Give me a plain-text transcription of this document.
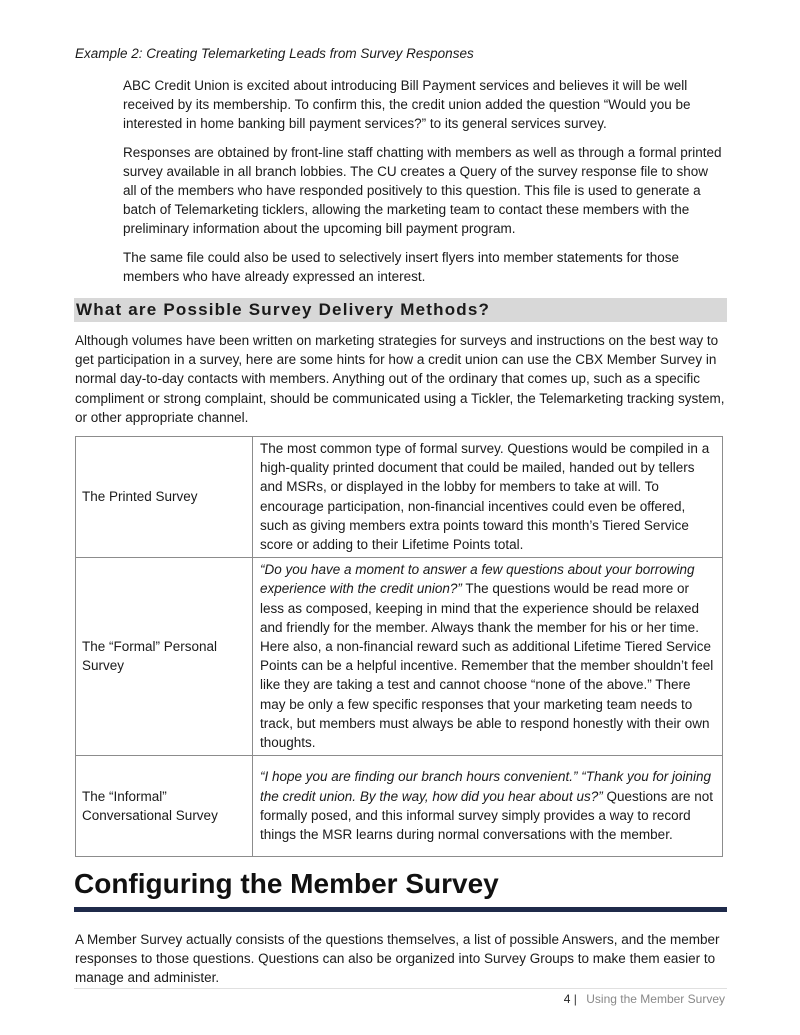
Example 2: Creating Telemarketing Leads from Survey Responses

ABC Credit Union is excited about introducing Bill Payment services and believes it will be well received by its membership. To confirm this, the credit union added the question “Would you be interested in home banking bill payment services?” to its general services survey.

Responses are obtained by front-line staff chatting with members as well as through a formal printed survey available in all branch lobbies. The CU creates a Query of the survey response file to show all of the members who have responded positively to this question. This file is used to generate a batch of Telemarketing ticklers, allowing the marketing team to contact these members with the preliminary information about the upcoming bill payment program.

The same file could also be used to selectively insert flyers into member statements for those members who have already expressed an interest.

What are Possible Survey Delivery Methods?

Although volumes have been written on marketing strategies for surveys and instructions on the best way to get participation in a survey, here are some hints for how a credit union can use the CBX Member Survey in normal day-to-day contacts with members. Anything out of the ordinary that comes up, such as a specific compliment or strong complaint, should be communicated using a Tickler, the Telemarketing tracking system, or other appropriate channel.

The Printed Survey	The most common type of formal survey. Questions would be compiled in a high-quality printed document that could be mailed, handed out by tellers and MSRs, or displayed in the lobby for members to take at will. To encourage participation, non-financial incentives could even be offered, such as giving members extra points toward this month’s Tiered Service score or adding to their Lifetime Points total.
The “Formal” Personal Survey	“Do you have a moment to answer a few questions about your borrowing experience with the credit union?” The questions would be read more or less as composed, keeping in mind that the experience should be relaxed and friendly for the member. Always thank the member for his or her time. Here also, a non-financial reward such as additional Lifetime Tiered Service Points can be a helpful incentive. Remember that the member shouldn’t feel like they are taking a test and cannot choose “none of the above.” There may be only a few specific responses that your marketing team needs to track, but members must always be able to respond honestly with their own thoughts.
The “Informal” Conversational Survey	“I hope you are finding our branch hours convenient.” “Thank you for joining the credit union. By the way, how did you hear about us?” Questions are not formally posed, and this informal survey simply provides a way to record things the MSR learns during normal conversations with the member.
Configuring the Member Survey

A Member Survey actually consists of the questions themselves, a list of possible Answers, and the member responses to those questions. Questions can also be organized into Survey Groups to make them easier to manage and administer.

4 | Using the Member Survey
